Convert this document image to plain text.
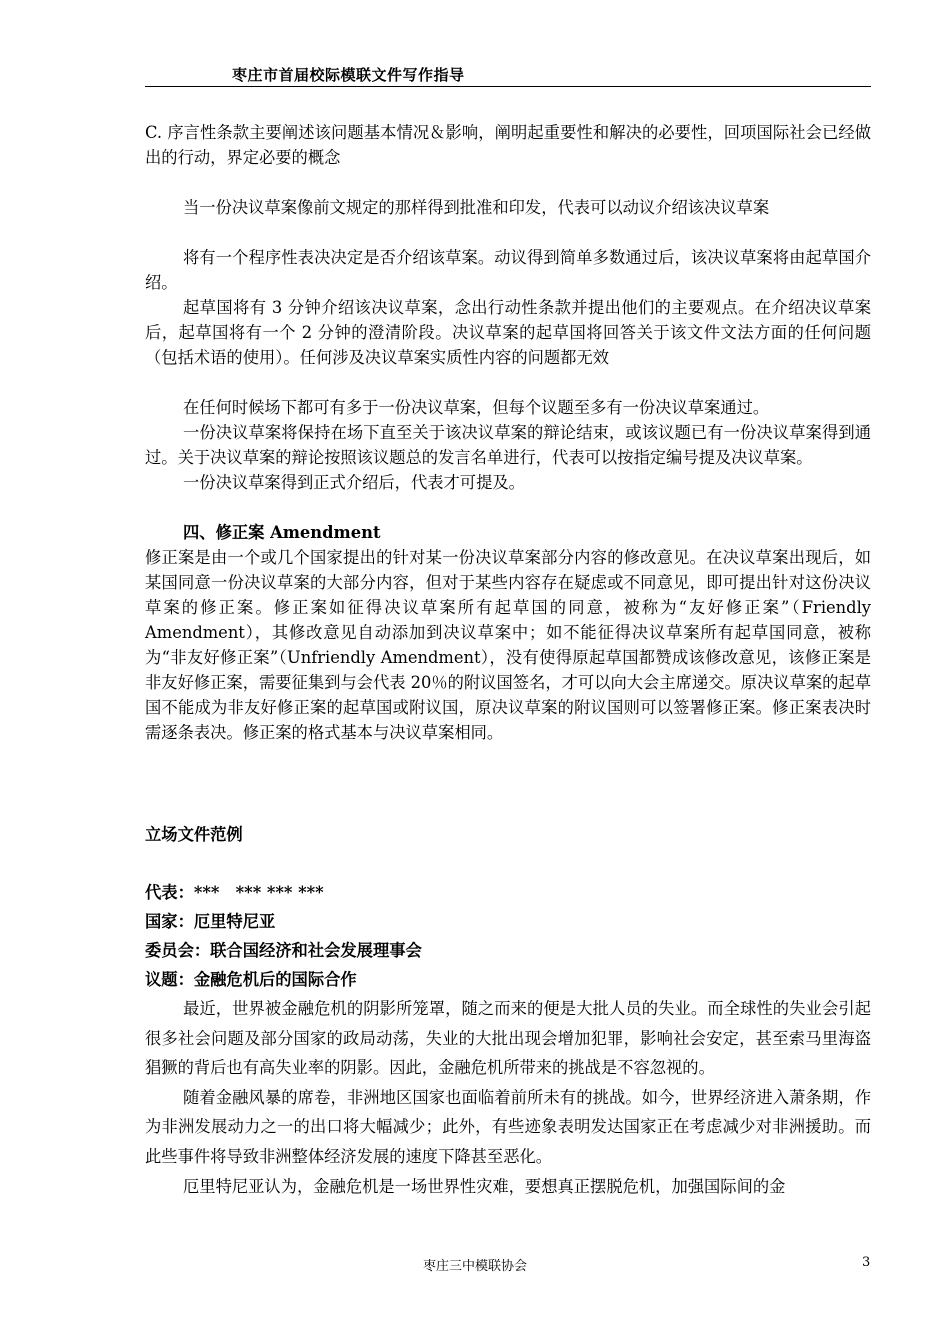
枣庄市首届校际模联文件写作指导

C. 序言性条款主要阐述该问题基本情况＆影响，阐明起重要性和解决的必要性，回项国际社会已经做出的行动，界定必要的概念

当一份决议草案像前文规定的那样得到批准和印发，代表可以动议介绍该决议草案

将有一个程序性表决决定是否介绍该草案。动议得到简单多数通过后，该决议草案将由起草国介绍。

起草国将有 3 分钟介绍该决议草案，念出行动性条款并提出他们的主要观点。在介绍决议草案后，起草国将有一个 2 分钟的澄清阶段。决议草案的起草国将回答关于该文件文法方面的任何问题（包括术语的使用）。任何涉及决议草案实质性内容的问题都无效

在任何时候场下都可有多于一份决议草案，但每个议题至多有一份决议草案通过。

一份决议草案将保持在场下直至关于该决议草案的辩论结束，或该议题已有一份决议草案得到通过。关于决议草案的辩论按照该议题总的发言名单进行，代表可以按指定编号提及决议草案。

一份决议草案得到正式介绍后，代表才可提及。

四、修正案 Amendment

修正案是由一个或几个国家提出的针对某一份决议草案部分内容的修改意见。在决议草案出现后，如某国同意一份决议草案的大部分内容，但对于某些内容存在疑虑或不同意见，即可提出针对这份决议草案的修正案。修正案如征得决议草案所有起草国的同意，被称为“友好修正案”（Friendly Amendment），其修改意见自动添加到决议草案中；如不能征得决议草案所有起草国同意，被称为“非友好修正案”（Unfriendly Amendment），没有使得原起草国都赞成该修改意见，该修正案是非友好修正案，需要征集到与会代表 20％的附议国签名，才可以向大会主席递交。原决议草案的起草国不能成为非友好修正案的起草国或附议国，原决议草案的附议国则可以签署修正案。修正案表决时需逐条表决。修正案的格式基本与决议草案相同。

立场文件范例

代表：***　*** *** ***

国家：厄里特尼亚

委员会：联合国经济和社会发展理事会

议题：金融危机后的国际合作

最近，世界被金融危机的阴影所笼罩，随之而来的便是大批人员的失业。而全球性的失业会引起很多社会问题及部分国家的政局动荡，失业的大批出现会增加犯罪，影响社会安定，甚至索马里海盗猖獗的背后也有高失业率的阴影。因此，金融危机所带来的挑战是不容忽视的。

随着金融风暴的席卷，非洲地区国家也面临着前所未有的挑战。如今，世界经济进入萧条期，作为非洲发展动力之一的出口将大幅减少；此外，有些迹象表明发达国家正在考虑减少对非洲援助。而此些事件将导致非洲整体经济发展的速度下降甚至恶化。

厄里特尼亚认为，金融危机是一场世界性灾难，要想真正摆脱危机，加强国际间的金

枣庄三中模联协会	3
